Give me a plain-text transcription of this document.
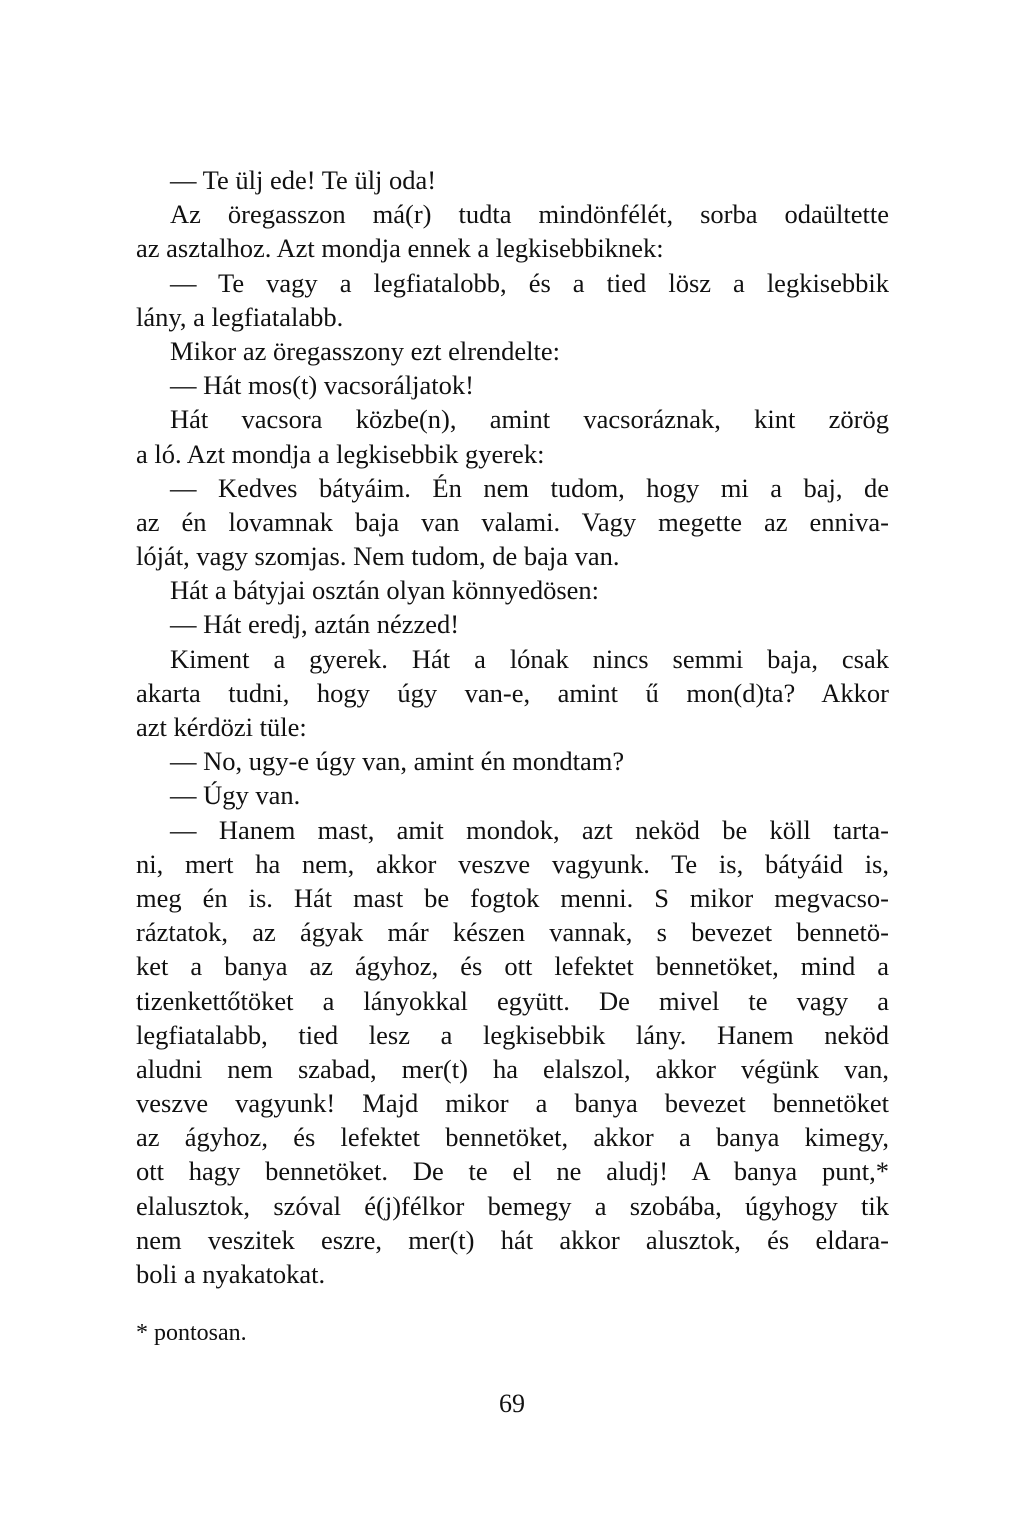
— Te ülj ede! Te ülj oda!
Az öregasszon má(r) tudta mindönfélét, sorba odaültette
az asztalhoz. Azt mondja ennek a legkisebbiknek:
— Te vagy a legfiatalobb, és a tied lösz a legkisebbik
lány, a legfiatalabb.
Mikor az öregasszony ezt elrendelte:
— Hát mos(t) vacsoráljatok!
Hát vacsora közbe(n), amint vacsoráznak, kint zörög
a ló. Azt mondja a legkisebbik gyerek:
— Kedves bátyáim. Én nem tudom, hogy mi a baj, de
az én lovamnak baja van valami. Vagy megette az enniva-
lóját, vagy szomjas. Nem tudom, de baja van.
Hát a bátyjai osztán olyan könnyedösen:
— Hát eredj, aztán nézzed!
Kiment a gyerek. Hát a lónak nincs semmi baja, csak
akarta tudni, hogy úgy van-e, amint ű mon(d)ta? Akkor
azt kérdözi tüle:
— No, ugy-e úgy van, amint én mondtam?
— Úgy van.
— Hanem mast, amit mondok, azt neköd be köll tarta-
ni, mert ha nem, akkor veszve vagyunk. Te is, bátyáid is,
meg én is. Hát mast be fogtok menni. S mikor megvacso-
ráztatok, az ágyak már készen vannak, s bevezet bennetö-
ket a banya az ágyhoz, és ott lefektet bennetöket, mind a
tizenkettőtöket a lányokkal együtt. De mivel te vagy a
legfiatalabb, tied lesz a legkisebbik lány. Hanem neköd
aludni nem szabad, mer(t) ha elalszol, akkor végünk van,
veszve vagyunk! Majd mikor a banya bevezet bennetöket
az ágyhoz, és lefektet bennetöket, akkor a banya kimegy,
ott hagy bennetöket. De te el ne aludj! A banya punt,*
elalusztok, szóval é(j)félkor bemegy a szobába, úgyhogy tik
nem veszitek eszre, mer(t) hát akkor alusztok, és eldara-
boli a nyakatokat.
* pontosan.
69
